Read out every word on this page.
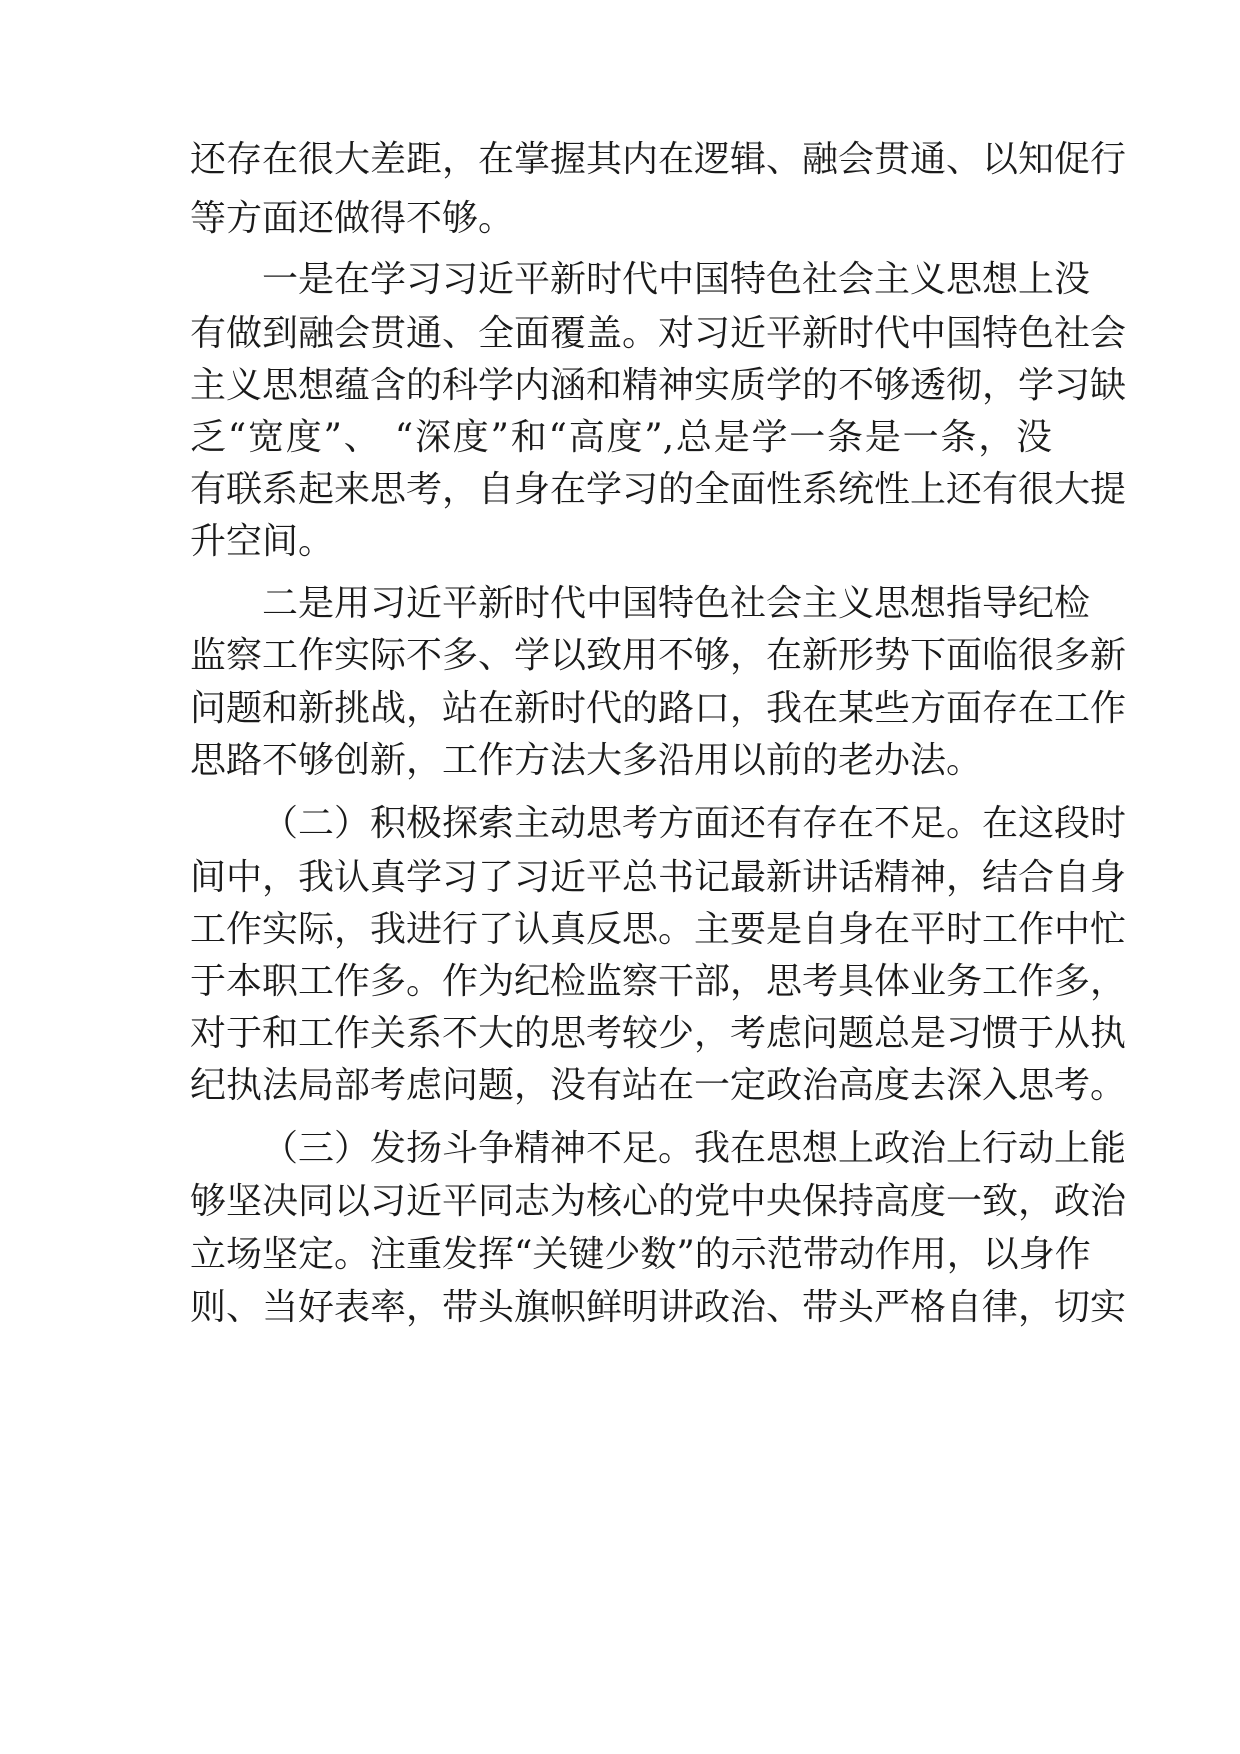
还存在很大差距，在掌握其内在逻辑、融会贯通、以知促行
等方面还做得不够。
一是在学习习近平新时代中国特色社会主义思想上没
有做到融会贯通、全面覆盖。对习近平新时代中国特色社会
主义思想蕴含的科学内涵和精神实质学的不够透彻，学习缺
乏“宽度”、 “深度”和“高度”,总是学一条是一条，没
有联系起来思考，自身在学习的全面性系统性上还有很大提
升空间。
二是用习近平新时代中国特色社会主义思想指导纪检
监察工作实际不多、学以致用不够，在新形势下面临很多新
问题和新挑战，站在新时代的路口，我在某些方面存在工作
思路不够创新，工作方法大多沿用以前的老办法。
（二）积极探索主动思考方面还有存在不足。在这段时
间中，我认真学习了习近平总书记最新讲话精神，结合自身
工作实际，我进行了认真反思。主要是自身在平时工作中忙
于本职工作多。作为纪检监察干部，思考具体业务工作多，
对于和工作关系不大的思考较少，考虑问题总是习惯于从执
纪执法局部考虑问题，没有站在一定政治高度去深入思考。
（三）发扬斗争精神不足。我在思想上政治上行动上能
够坚决同以习近平同志为核心的党中央保持高度一致，政治
立场坚定。注重发挥“关键少数”的示范带动作用，以身作
则、当好表率，带头旗帜鲜明讲政治、带头严格自律，切实
